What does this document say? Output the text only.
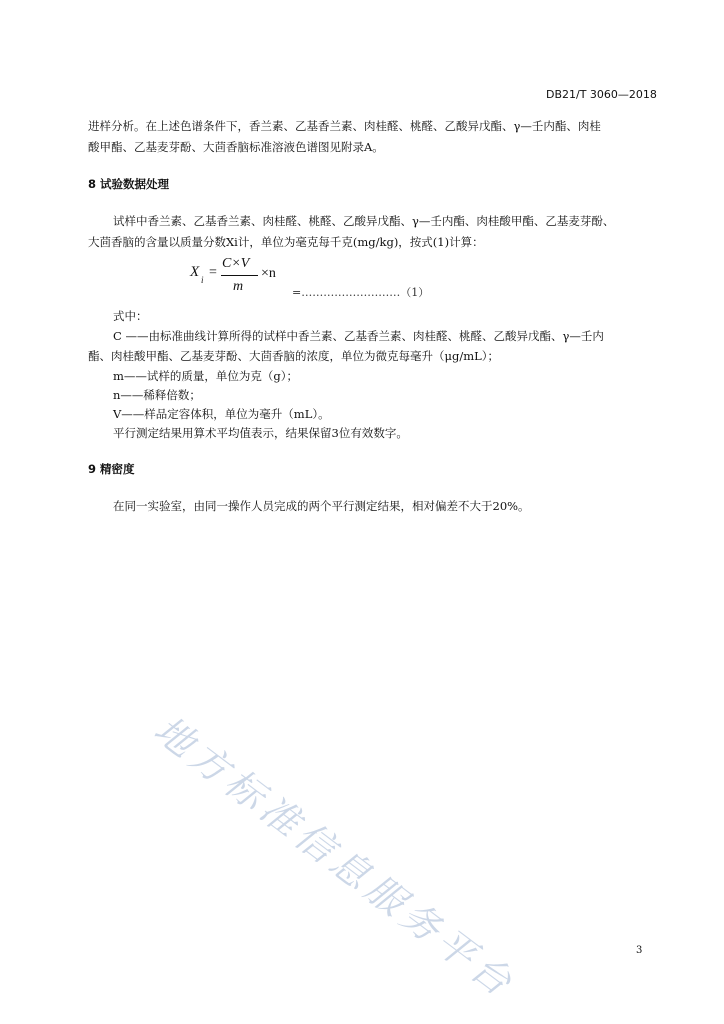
DB21/T 3060—2018
进样分析。在上述色谱条件下，香兰素、乙基香兰素、肉桂醛、桃醛、乙酸异戊酯、γ—壬内酯、肉桂
酸甲酯、乙基麦芽酚、大茴香脑标准溶液色谱图见附录A。
8 试验数据处理
试样中香兰素、乙基香兰素、肉桂醛、桃醛、乙酸异戊酯、γ—壬内酯、肉桂酸甲酯、乙基麦芽酚、
大茴香脑的含量以质量分数Xi计，单位为毫克每千克(mg/kg)，按式(1)计算：
X i =
C×V
m
×n
=………………………（1）
式中：
C ——由标准曲线计算所得的试样中香兰素、乙基香兰素、肉桂醛、桃醛、乙酸异戊酯、γ—壬内
酯、肉桂酸甲酯、乙基麦芽酚、大茴香脑的浓度，单位为微克每毫升（μg/mL）；
m——试样的质量，单位为克（g）；
n——稀释倍数；
V——样品定容体积，单位为毫升（mL）。
平行测定结果用算术平均值表示，结果保留3位有效数字。
9 精密度
在同一实验室，由同一操作人员完成的两个平行测定结果，相对偏差不大于20%。
地方标准信息服务平台	3
